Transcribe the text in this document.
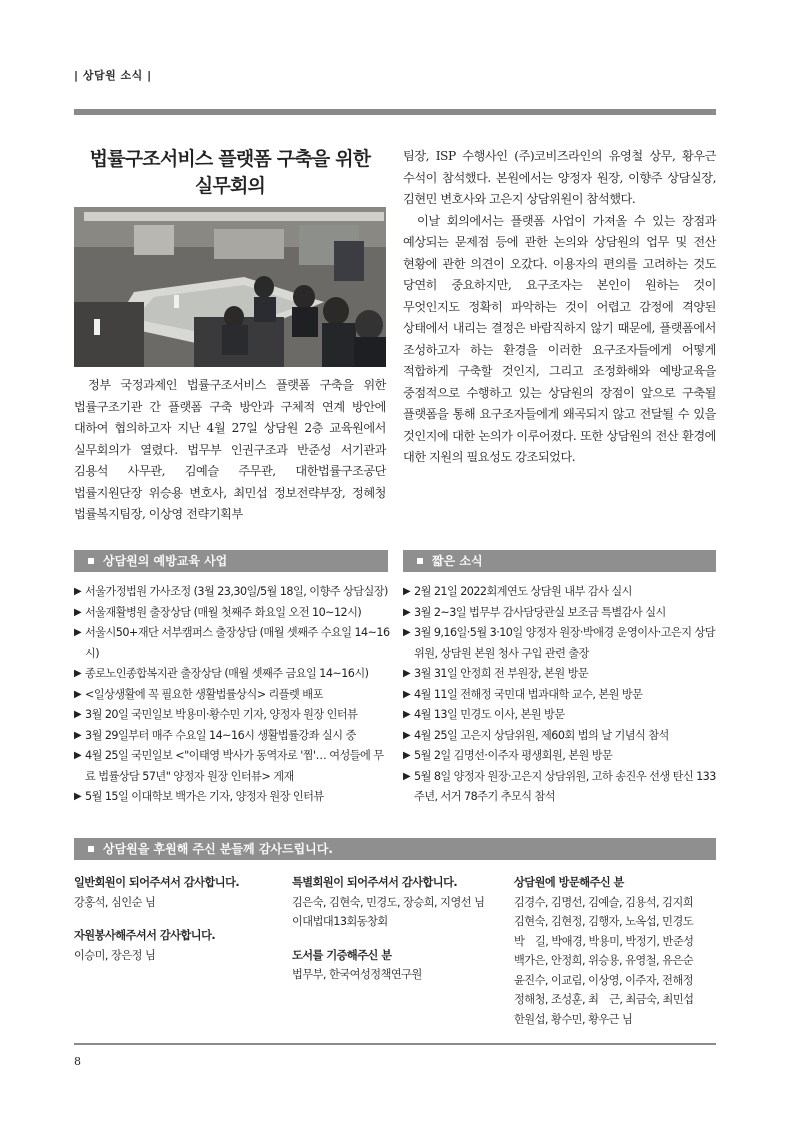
| 상담원 소식 |
법률구조서비스 플랫폼 구축을 위한
실무회의

정부 국정과제인 법률구조서비스 플랫폼 구축을 위한 법률구조기관 간 플랫폼 구축 방안과 구체적 연계 방안에 대하여 협의하고자 지난 4월 27일 상담원 2층 교육원에서 실무회의가 열렸다. 법무부 인권구조과 반준성 서기관과 김용석 사무관, 김예슬 주무관, 대한법률구조공단 법률지원단장 위승용 변호사, 최민섭 정보전략부장, 정혜청 법률복지팀장, 이상영 전략기획부

팀장, ISP 수행사인 (주)코비즈라인의 유영철 상무, 황우근 수석이 참석했다. 본원에서는 양정자 원장, 이향주 상담실장, 김현민 변호사와 고은지 상담위원이 참석했다.

이날 회의에서는 플랫폼 사업이 가져올 수 있는 장점과 예상되는 문제점 등에 관한 논의와 상담원의 업무 및 전산 현황에 관한 의견이 오갔다. 이용자의 편의를 고려하는 것도 당연히 중요하지만, 요구조자는 본인이 원하는 것이 무엇인지도 정확히 파악하는 것이 어렵고 감정에 격양된 상태에서 내리는 결정은 바람직하지 않기 때문에, 플랫폼에서 조성하고자 하는 환경을 이러한 요구조자들에게 어떻게 적합하게 구축할 것인지, 그리고 조정화해와 예방교육을 중점적으로 수행하고 있는 상담원의 장점이 앞으로 구축될 플랫폼을 통해 요구조자들에게 왜곡되지 않고 전달될 수 있을 것인지에 대한 논의가 이루어졌다. 또한 상담원의 전산 환경에 대한 지원의 필요성도 강조되었다.

상담원의 예방교육 사업	짧은 소식
▶ 서울가정법원 가사조정 (3월 23,30일/5월 18일, 이향주 상담실장)
▶ 서울재활병원 출장상담 (매월 첫째주 화요일 오전 10~12시)
▶ 서울시50+재단 서부캠퍼스 출장상담 (매월 셋째주 수요일 14~16시)
▶ 종로노인종합복지관 출장상담 (매월 셋째주 금요일 14~16시)
▶ <일상생활에 꼭 필요한 생활법률상식> 리플렛 배포
▶ 3월 20일 국민일보 박용미·황수민 기자, 양정자 원장 인터뷰
▶ 3월 29일부터 매주 수요일 14~16시 생활법률강좌 실시 중
▶ 4월 25일 국민일보 <"이태영 박사가 동역자로 '찜'… 여성들에 무료 법률상담 57년" 양정자 원장 인터뷰> 게재
▶ 5월 15일 이대학보 백가은 기자, 양정자 원장 인터뷰
▶ 2월 21일 2022회계연도 상담원 내부 감사 실시
▶ 3월 2~3일 법무부 감사담당관실 보조금 특별감사 실시
▶ 3월 9,16일·5월 3·10일 양정자 원장·박애경 운영이사·고은지 상담위원, 상담원 본원 청사 구입 관련 출장
▶ 3월 31일 안정희 전 부원장, 본원 방문
▶ 4월 11일 전해정 국민대 법과대학 교수, 본원 방문
▶ 4월 13일 민경도 이사, 본원 방문
▶ 4월 25일 고은지 상담위원, 제60회 법의 날 기념식 참석
▶ 5월 2일 김명선·이주자 평생회원, 본원 방문
▶ 5월 8일 양정자 원장·고은지 상담위원, 고하 송진우 선생 탄신 133주년, 서거 78주기 추모식 참석
상담원을 후원해 주신 분들께 감사드립니다.
일반회원이 되어주셔서 감사합니다.
강홍석, 심인순 님
자원봉사해주셔서 감사합니다.
이승미, 장은정 님
특별회원이 되어주셔서 감사합니다.
김은숙, 김현숙, 민경도, 장승희, 지영선 님
이대법대13회동창회
도서를 기증해주신 분
법무부, 한국여성정책연구원
상담원에 방문해주신 분
김경수, 김명선, 김예슬, 김용석, 김지희
김현숙, 김현정, 김행자, 노옥섭, 민경도
박　길, 박애경, 박용미, 박정기, 반준성
백가은, 안정희, 위승용, 유영철, 유은순
윤진수, 이교림, 이상영, 이주자, 전해정
정해청, 조성훈, 최　근, 최금숙, 최민섭
한원섭, 황수민, 황우근 님
8
